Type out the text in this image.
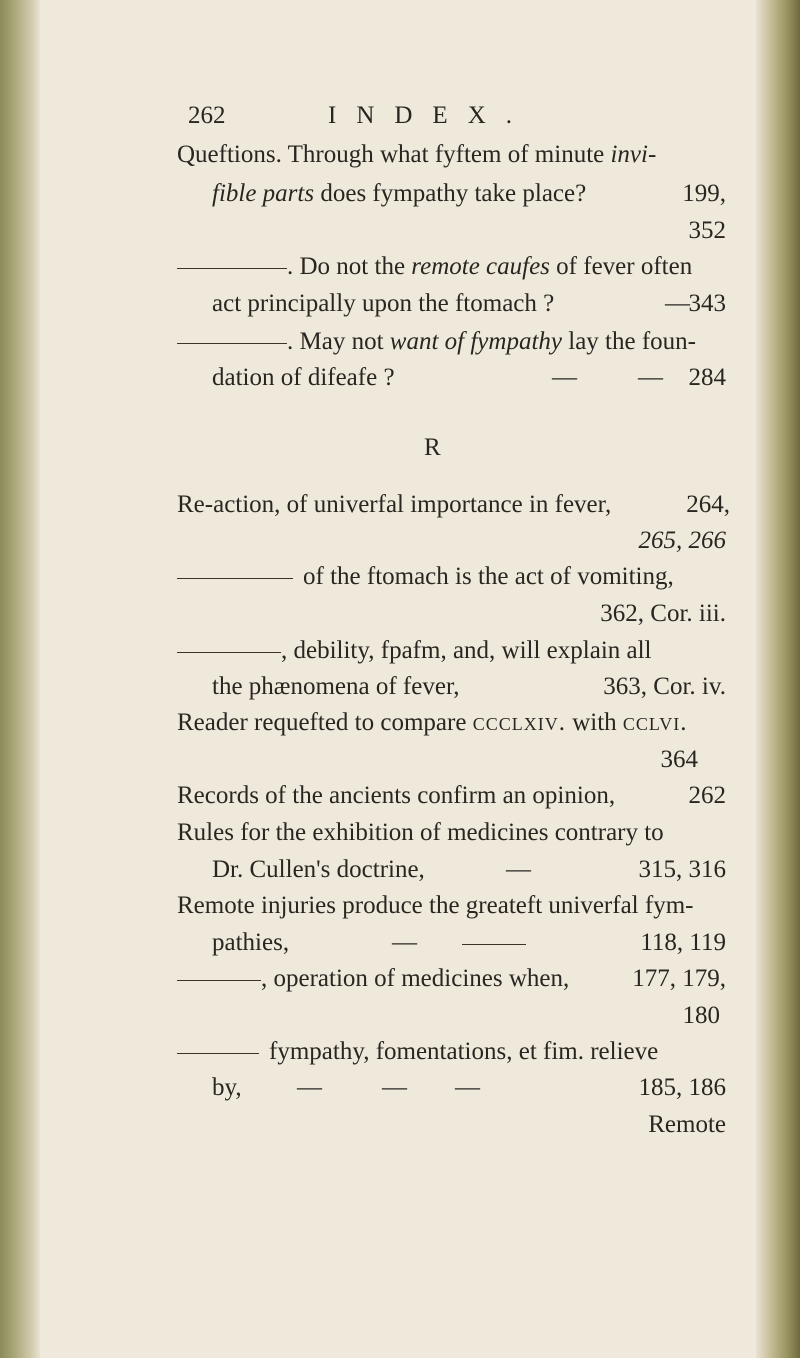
262	INDEX.
Queftions. Through what fyftem of minute invi-
fible parts does fympathy take place?	199,
352
. Do not the remote caufes of fever often
act principally upon the ftomach ?	—
343
. May not want of fympathy lay the foun-
dation of difeafe ?	— — 284
R
Re-action, of univerfal importance in fever,	264,
265, 266
of the ftomach is the act of vomiting,
362, Cor. iii.
, debility, fpafm, and, will explain all
the phænomena of fever,	363, Cor. iv.
Reader requefted to compare ccclxiv. with cclvi.
364
Records of the ancients confirm an opinion,	262
Rules for the exhibition of medicines contrary to
Dr. Cullen's doctrine,	—	315, 316
Remote injuries produce the greateft univerfal fym-
pathies,	—	118, 119
, operation of medicines when,	177, 179,
180
fympathy, fomentations, et fim. relieve
by, — — —	185, 186
Remote
